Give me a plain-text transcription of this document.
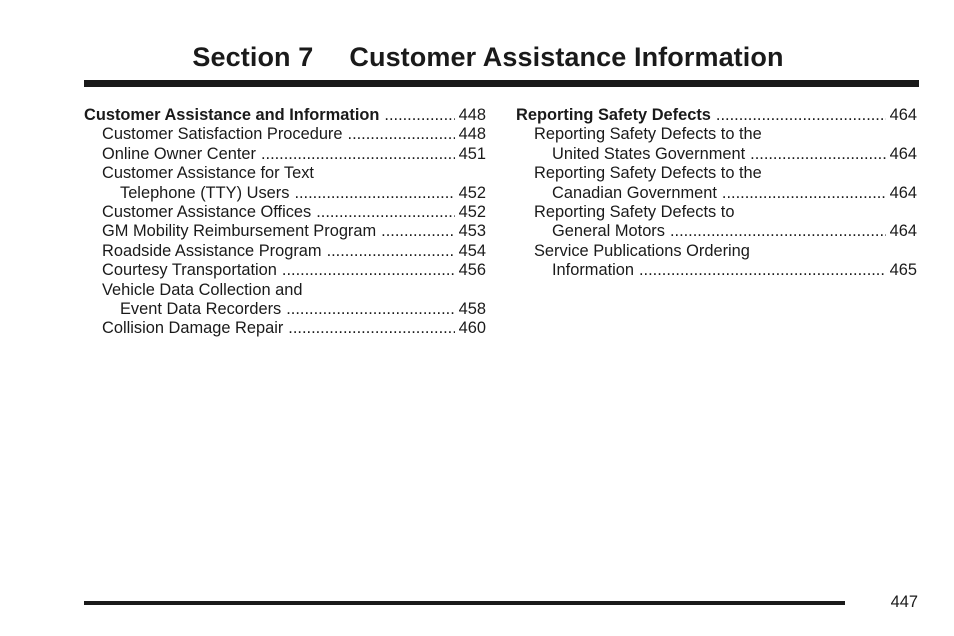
Section 7 Customer Assistance Information
Customer Assistance and Information .....	448
Customer Satisfaction Procedure .....	448
Online Owner Center .....	451
Customer Assistance for Text
Telephone (TTY) Users .....	452
Customer Assistance Offices .....	452
GM Mobility Reimbursement Program .....	453
Roadside Assistance Program .....	454
Courtesy Transportation .....	456
Vehicle Data Collection and
Event Data Recorders .....	458
Collision Damage Repair .....	460
Reporting Safety Defects .....	464
Reporting Safety Defects to the
United States Government .....	464
Reporting Safety Defects to the
Canadian Government .....	464
Reporting Safety Defects to
General Motors .....	464
Service Publications Ordering
Information .....	465
447
